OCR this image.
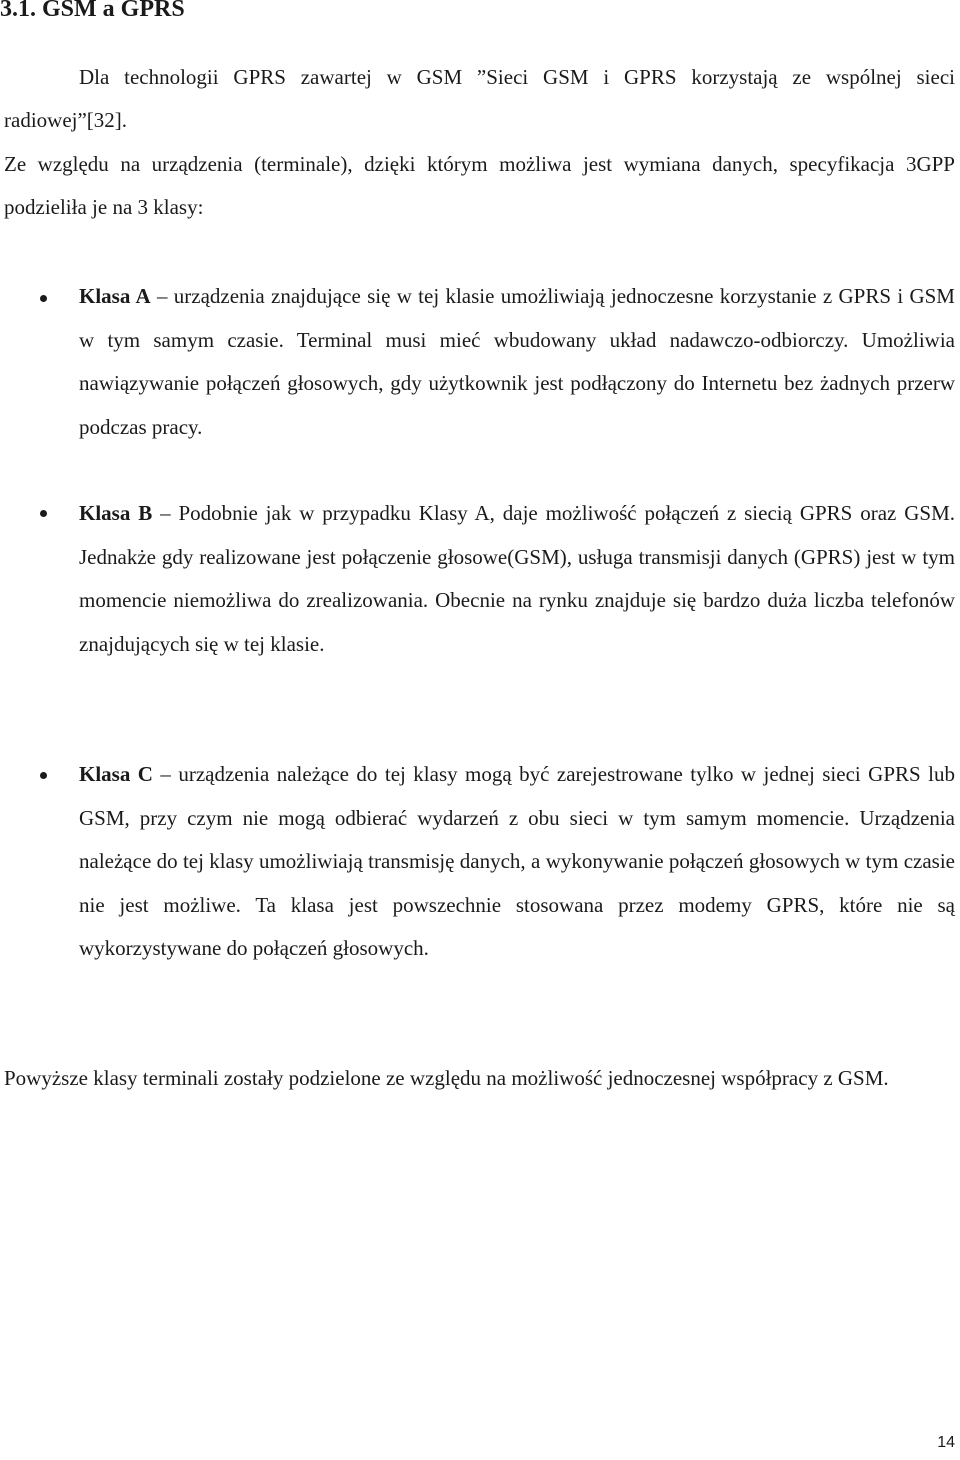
3.1. GSM a GPRS

Dla technologii GPRS zawartej w GSM ”Sieci GSM i GPRS korzystają ze wspólnej sieci radiowej”[32].

Ze względu na urządzenia (terminale), dzięki którym możliwa jest wymiana danych, specyfikacja 3GPP podzieliła je na 3 klasy:

Klasa A – urządzenia znajdujące się w tej klasie umożliwiają jednoczesne korzystanie z GPRS i GSM w tym samym czasie. Terminal musi mieć wbudowany układ nadawczo-odbiorczy. Umożliwia nawiązywanie połączeń głosowych, gdy użytkownik jest podłączony do Internetu bez żadnych przerw podczas pracy.

Klasa B – Podobnie jak w przypadku Klasy A, daje możliwość połączeń z siecią GPRS oraz GSM. Jednakże gdy realizowane jest połączenie głosowe(GSM), usługa transmisji danych (GPRS) jest w tym momencie niemożliwa do zrealizowania. Obecnie na rynku znajduje się bardzo duża liczba telefonów znajdujących się w tej klasie.

Klasa C – urządzenia należące do tej klasy mogą być zarejestrowane tylko w jednej sieci GPRS lub GSM, przy czym nie mogą odbierać wydarzeń z obu sieci w tym samym momencie. Urządzenia należące do tej klasy umożliwiają transmisję danych, a wykonywanie połączeń głosowych w tym czasie nie jest możliwe. Ta klasa jest powszechnie stosowana przez modemy GPRS, które nie są wykorzystywane do połączeń głosowych.

Powyższe klasy terminali zostały podzielone ze względu na możliwość jednoczesnej współpracy z GSM.

14
